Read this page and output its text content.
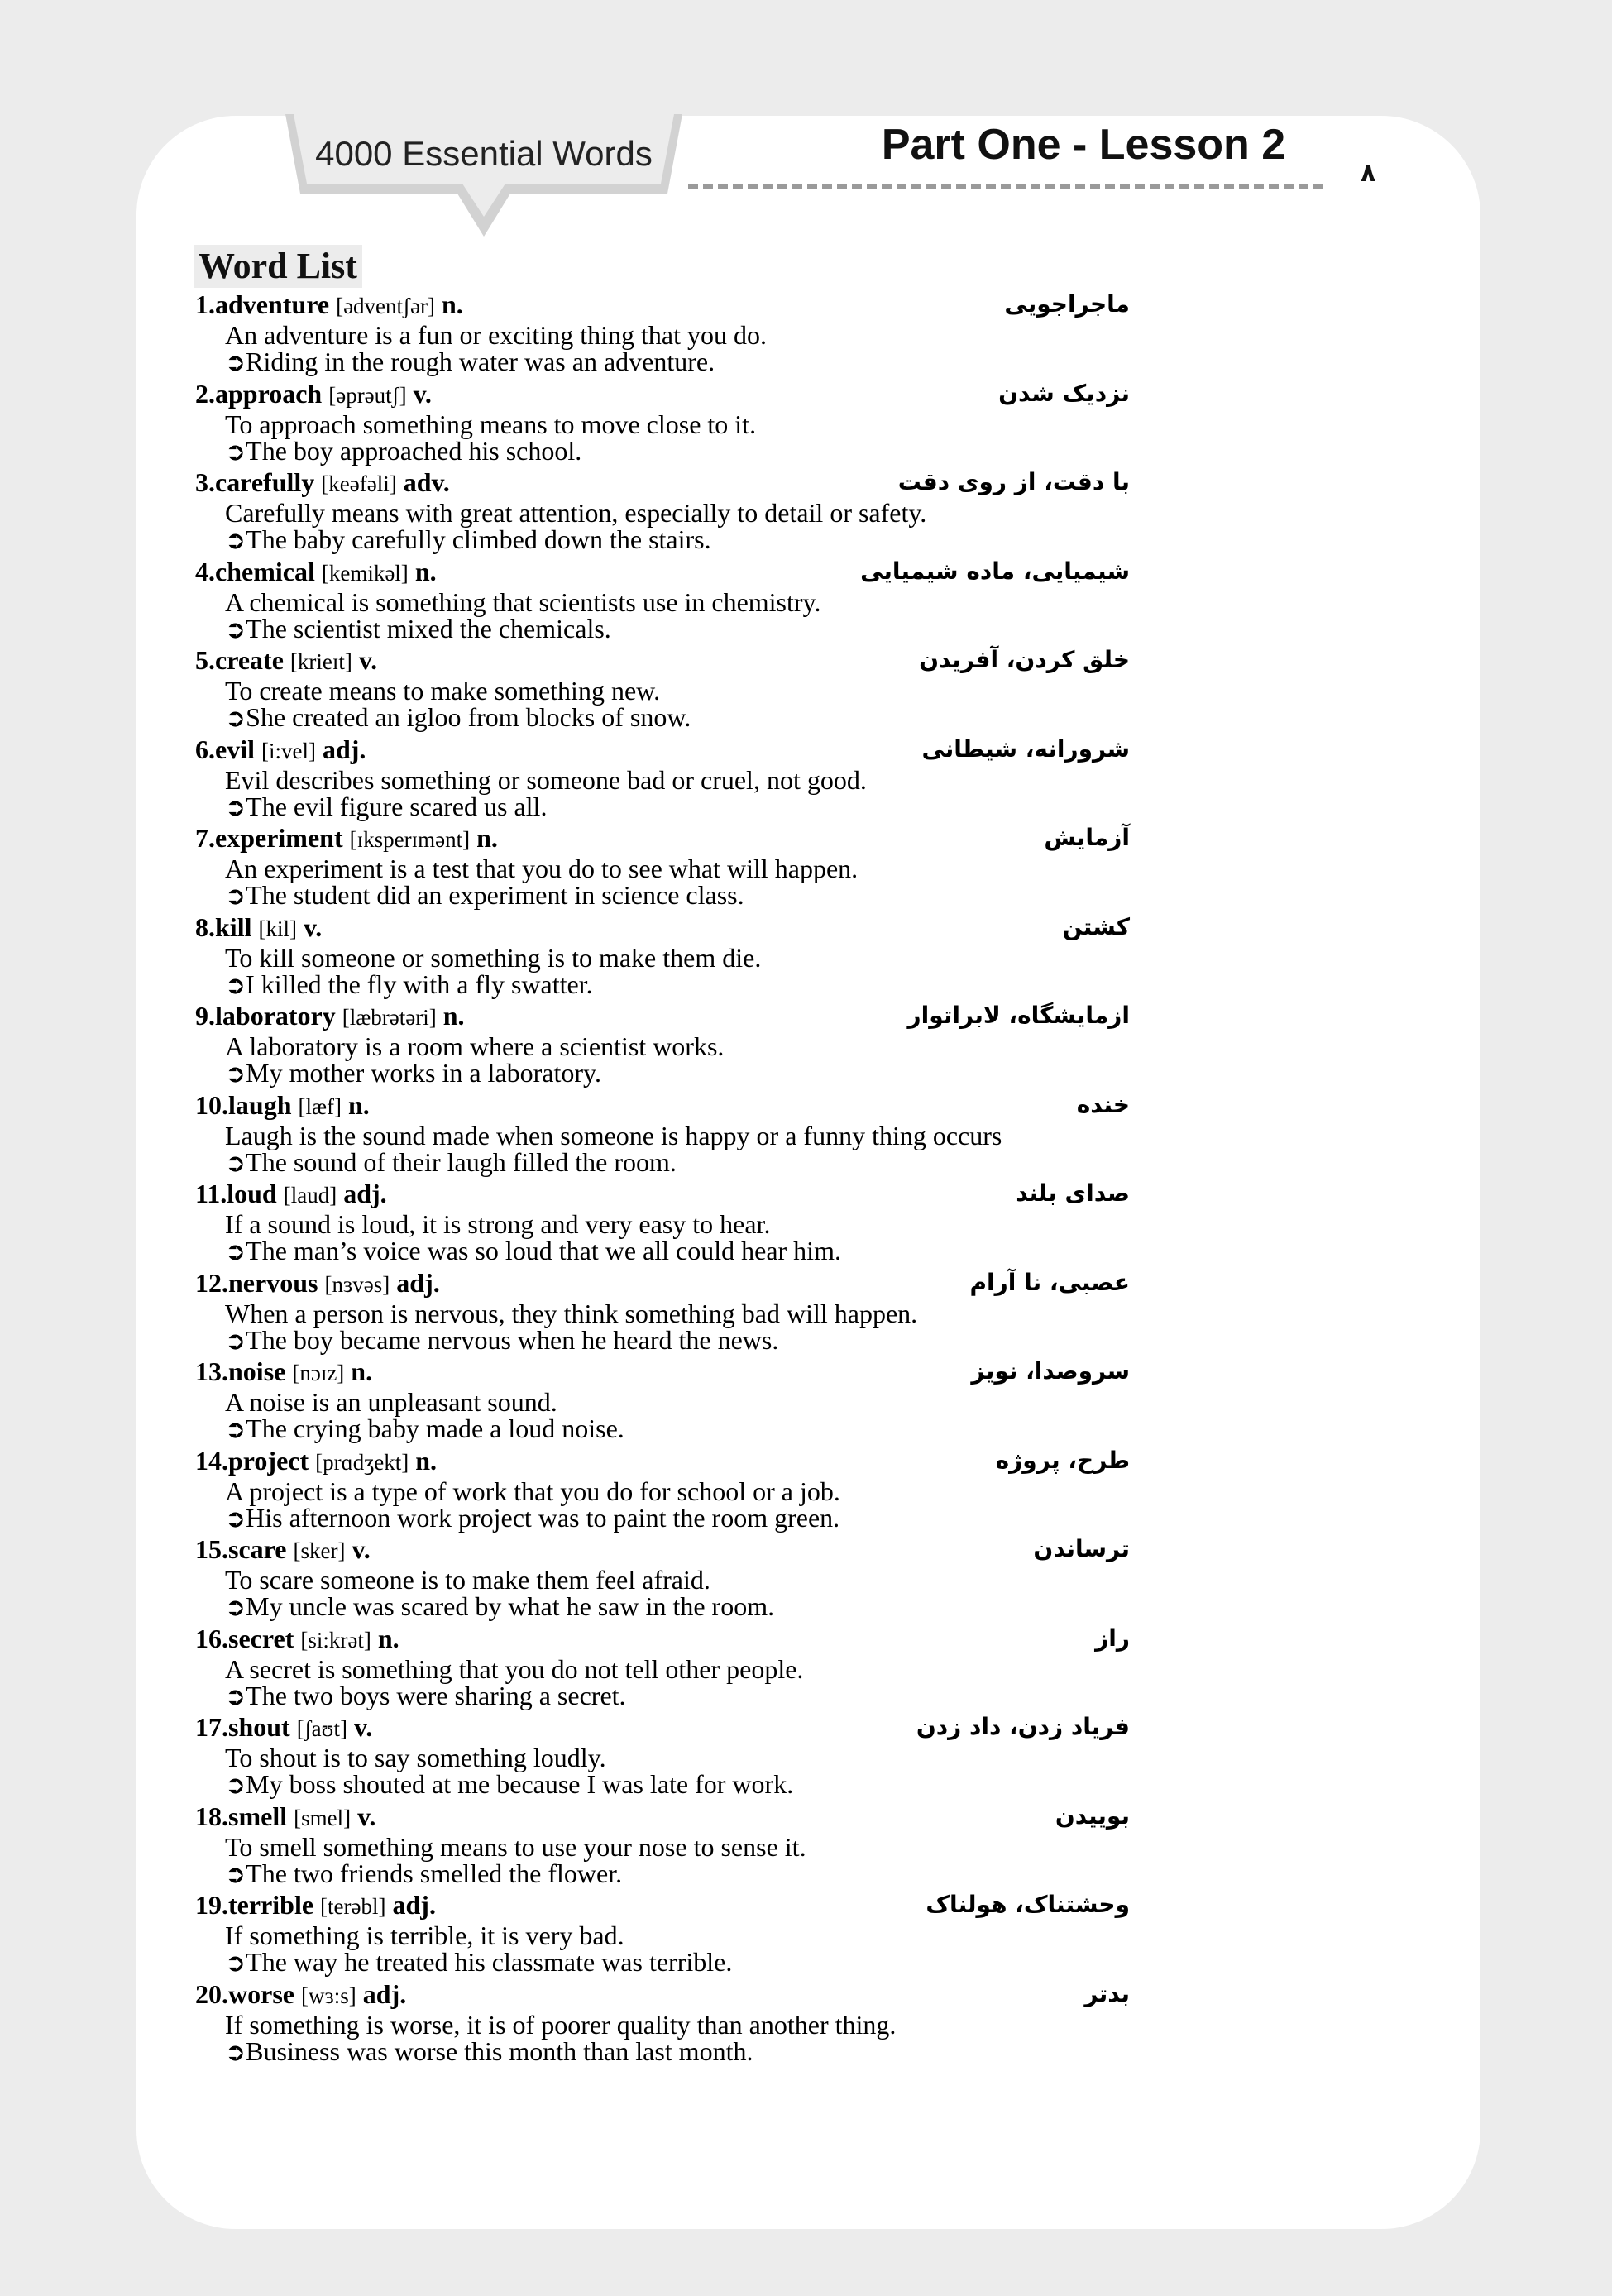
4000 Essential Words	Part One - Lesson 2
۸
Word List
1.adventure [ədventʃər] n.	ماجراجویی
An adventure is a fun or exciting thing that you do.
➲Riding in the rough water was an adventure.
2.approach [əprəutʃ] v.	نزدیک شدن
To approach something means to move close to it.
➲The boy approached his school.
3.carefully [keəfəli] adv.	با دقت، از روی دقت
Carefully means with great attention, especially to detail or safety.
➲The baby carefully climbed down the stairs.
4.chemical [kemikəl] n.	شیمیایی، ماده شیمیایی
A chemical is something that scientists use in chemistry.
➲The scientist mixed the chemicals.
5.create [krieɪt] v.	خلق کردن، آفریدن
To create means to make something new.
➲She created an igloo from blocks of snow.
6.evil [i:vel] adj.	شرورانه، شیطانی
Evil describes something or someone bad or cruel, not good.
➲The evil figure scared us all.
7.experiment [ɪksperɪmənt] n.	آزمایش
An experiment is a test that you do to see what will happen.
➲The student did an experiment in science class.
8.kill [kil] v.	کشتن
To kill someone or something is to make them die.
➲I killed the fly with a fly swatter.
9.laboratory [læbrətəri] n.	ازمایشگاه، لابراتوار
A laboratory is a room where a scientist works.
➲My mother works in a laboratory.
10.laugh [læf] n.	خنده
Laugh is the sound made when someone is happy or a funny thing occurs
➲The sound of their laugh filled the room.
11.loud [laud] adj.	صدای بلند
If a sound is loud, it is strong and very easy to hear.
➲The man’s voice was so loud that we all could hear him.
12.nervous [nɜvəs] adj.	عصبی، نا آرام
When a person is nervous, they think something bad will happen.
➲The boy became nervous when he heard the news.
13.noise [nɔɪz] n.	سروصدا، نویز
A noise is an unpleasant sound.
➲The crying baby made a loud noise.
14.project [prɑdʒekt] n.	طرح، پروژه
A project is a type of work that you do for school or a job.
➲His afternoon work project was to paint the room green.
15.scare [sker] v.	ترساندن
To scare someone is to make them feel afraid.
➲My uncle was scared by what he saw in the room.
16.secret [si:krət] n.	راز
A secret is something that you do not tell other people.
➲The two boys were sharing a secret.
17.shout [ʃaʊt] v.	فریاد زدن، داد زدن
To shout is to say something loudly.
➲My boss shouted at me because I was late for work.
18.smell [smel] v.	بوییدن
To smell something means to use your nose to sense it.
➲The two friends smelled the flower.
19.terrible [terəbl] adj.	وحشتناک، هولناک
If something is terrible, it is very bad.
➲The way he treated his classmate was terrible.
20.worse [wɜ:s] adj.	بدتر
If something is worse, it is of poorer quality than another thing.
➲Business was worse this month than last month.
